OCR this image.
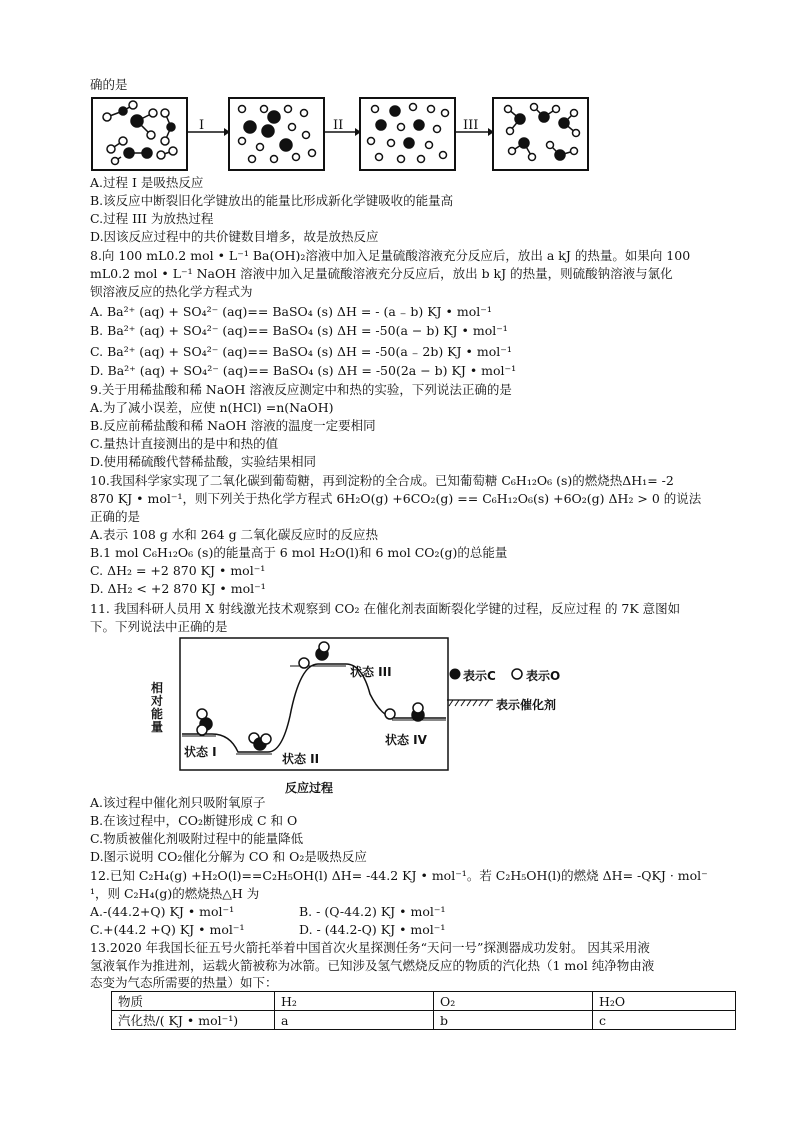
确的是
I	II	III
A.过程 I 是吸热反应
B.该反应中断裂旧化学键放出的能量比形成新化学键吸收的能量高
C.过程 III 为放热过程
D.因该反应过程中的共价键数目增多，故是放热反应
8.向 100 mL0.2 mol • L⁻¹ Ba(OH)₂溶液中加入足量硫酸溶液充分反应后，放出 a kJ 的热量。如果向 100
mL0.2 mol • L⁻¹ NaOH 溶液中加入足量硫酸溶液充分反应后，放出 b kJ 的热量，则硫酸钠溶液与氯化
钡溶液反应的热化学方程式为
A. Ba²⁺ (aq) + SO₄²⁻ (aq)== BaSO₄ (s) ΔH = - (a ₋ b) KJ • mol⁻¹
B. Ba²⁺ (aq) + SO₄²⁻ (aq)== BaSO₄ (s) ΔH = -50(a − b) KJ • mol⁻¹
C. Ba²⁺ (aq) + SO₄²⁻ (aq)== BaSO₄ (s) ΔH = -50(a ₋ 2b) KJ • mol⁻¹
D. Ba²⁺ (aq) + SO₄²⁻ (aq)== BaSO₄ (s) ΔH = -50(2a − b) KJ • mol⁻¹
9.关于用稀盐酸和稀 NaOH 溶液反应测定中和热的实验，下列说法正确的是
A.为了减小误差，应使 n(HCl) =n(NaOH)
B.反应前稀盐酸和稀 NaOH 溶液的温度一定要相同
C.量热计直接测出的是中和热的值
D.使用稀硫酸代替稀盐酸，实验结果相同
10.我国科学家实现了二氧化碳到葡萄糖，再到淀粉的全合成。已知葡萄糖 C₆H₁₂O₆ (s)的燃烧热ΔH₁= -2
870 KJ • mol⁻¹，则下列关于热化学方程式 6H₂O(g) +6CO₂(g) == C₆H₁₂O₆(s) +6O₂(g) ΔH₂ > 0 的说法
正确的是
A.表示 108 g 水和 264 g 二氧化碳反应时的反应热
B.1 mol C₆H₁₂O₆ (s)的能量高于 6 mol H₂O(l)和 6 mol CO₂(g)的总能量
C. ΔH₂ = +2 870 KJ • mol⁻¹
D. ΔH₂ < +2 870 KJ • mol⁻¹
11. 我国科研人员用 X 射线激光技术观察到 CO₂ 在催化剂表面断裂化学键的过程，反应过程 的 7K 意图如
下。下列说法中正确的是
相对能量
反应过程
状态 I	状态 II
状态 III
状态 IV
表示C	表示O
表示催化剂
A.该过程中催化剂只吸附氧原子
B.在该过程中，CO₂断键形成 C 和 O
C.物质被催化剂吸附过程中的能量降低
D.图示说明 CO₂催化分解为 CO 和 O₂是吸热反应
12.已知 C₂H₄(g) +H₂O(l)==C₂H₅OH(l) ΔH= -44.2 KJ • mol⁻¹。若 C₂H₅OH(l)的燃烧 ΔH= -QKJ · mol⁻
¹，则 C₂H₄(g)的燃烧热△H 为
A.-(44.2+Q) KJ • mol⁻¹	B. - (Q-44.2) KJ • mol⁻¹
C.+(44.2 +Q) KJ • mol⁻¹	D. - (44.2-Q) KJ • mol⁻¹
13.2020 年我国长征五号火箭托举着中国首次火星探测任务“天问一号”探测器成功发射。 因其采用液
氢液氧作为推进剂，运载火箭被称为冰箭。已知涉及氢气燃烧反应的物质的汽化热（1 mol 纯净物由液
态变为气态所需要的热量）如下：
物质	H₂	O₂	H₂O
汽化热/( KJ • mol⁻¹)	a	b	c
